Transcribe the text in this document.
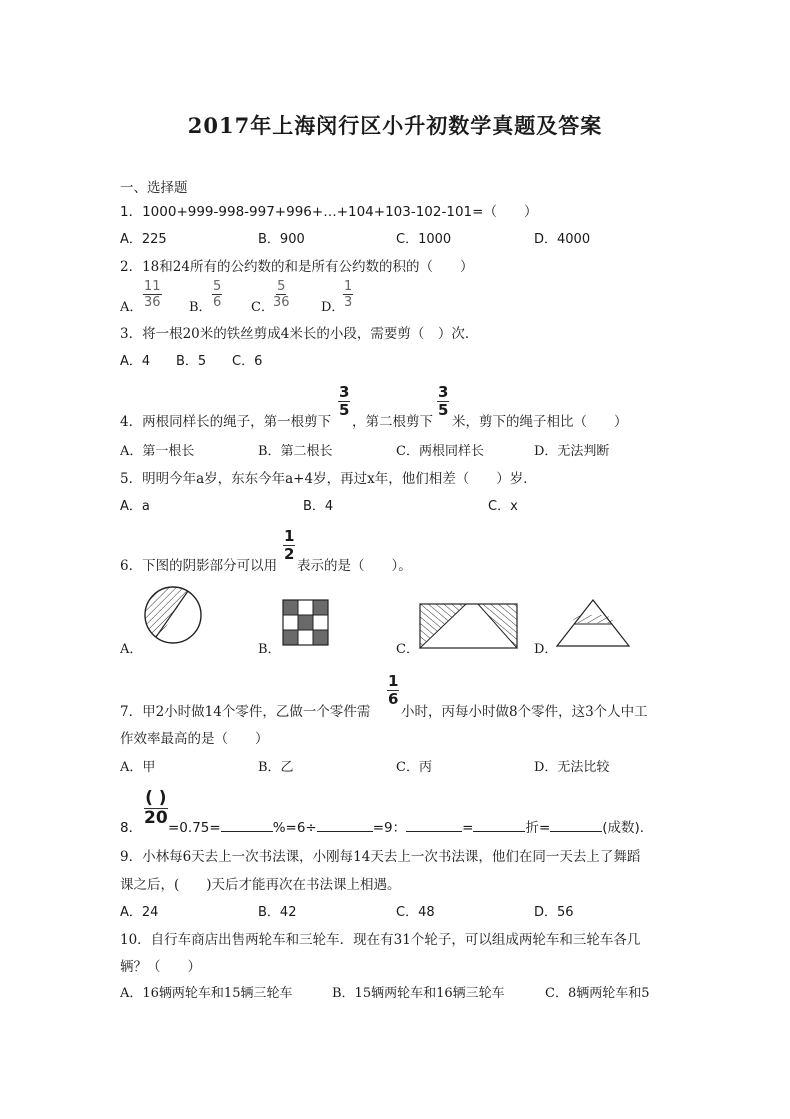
2017年上海闵行区小升初数学真题及答案
一、选择题
1．1000+999-998-997+996+…+104+103-102-101=（　　）
A．225	B．900	C．1000	D．4000
2．18和24所有的公约数的和是所有公约数的积的（　　）
A． $\frac{11}{36}$ B． $\frac{5}{6}$ C． $\frac{5}{36}$ D．
$\frac{1}{3}$
3．将一根20米的铁丝剪成4米长的小段，需要剪（　）次．
A．4 B．5 C．6
4．两根同样长的绳子，第一根剪下
$\frac{3}{5}$
，第二根剪下
$\frac{3}{5}$
米，剪下的绳子相比（　　）
A．第一根长	B．第二根长	C．两根同样长	D．无法判断
5．明明今年a岁，东东今年a+4岁，再过x年，他们相差（　　）岁．
A．a	B．4	C．x
6．下图的阴影部分可以用
$\frac{1}{2}$
表示的是（　　）。
A．	B．	C．	D．
7．甲2小时做14个零件，乙做一个零件需
$\frac{1}{6}$
小时，丙每小时做8个零件，这3个人中工
作效率最高的是（　　）
A．甲	B．乙	C．丙	D．无法比较
8．
( )
20 =0.75=	%=6÷	=9：	=	折=	(成数).
9．小林每6天去上一次书法课，小刚每14天去上一次书法课，他们在同一天去上了舞蹈
课之后，(　　)天后才能再次在书法课上相遇。
A．24	B．42	C．48	D．56
10．自行车商店出售两轮车和三轮车．现在有31个轮子，可以组成两轮车和三轮车各几
辆？（　　）
A．16辆两轮车和15辆三轮车	B．15辆两轮车和16辆三轮车	C．8辆两轮车和5
